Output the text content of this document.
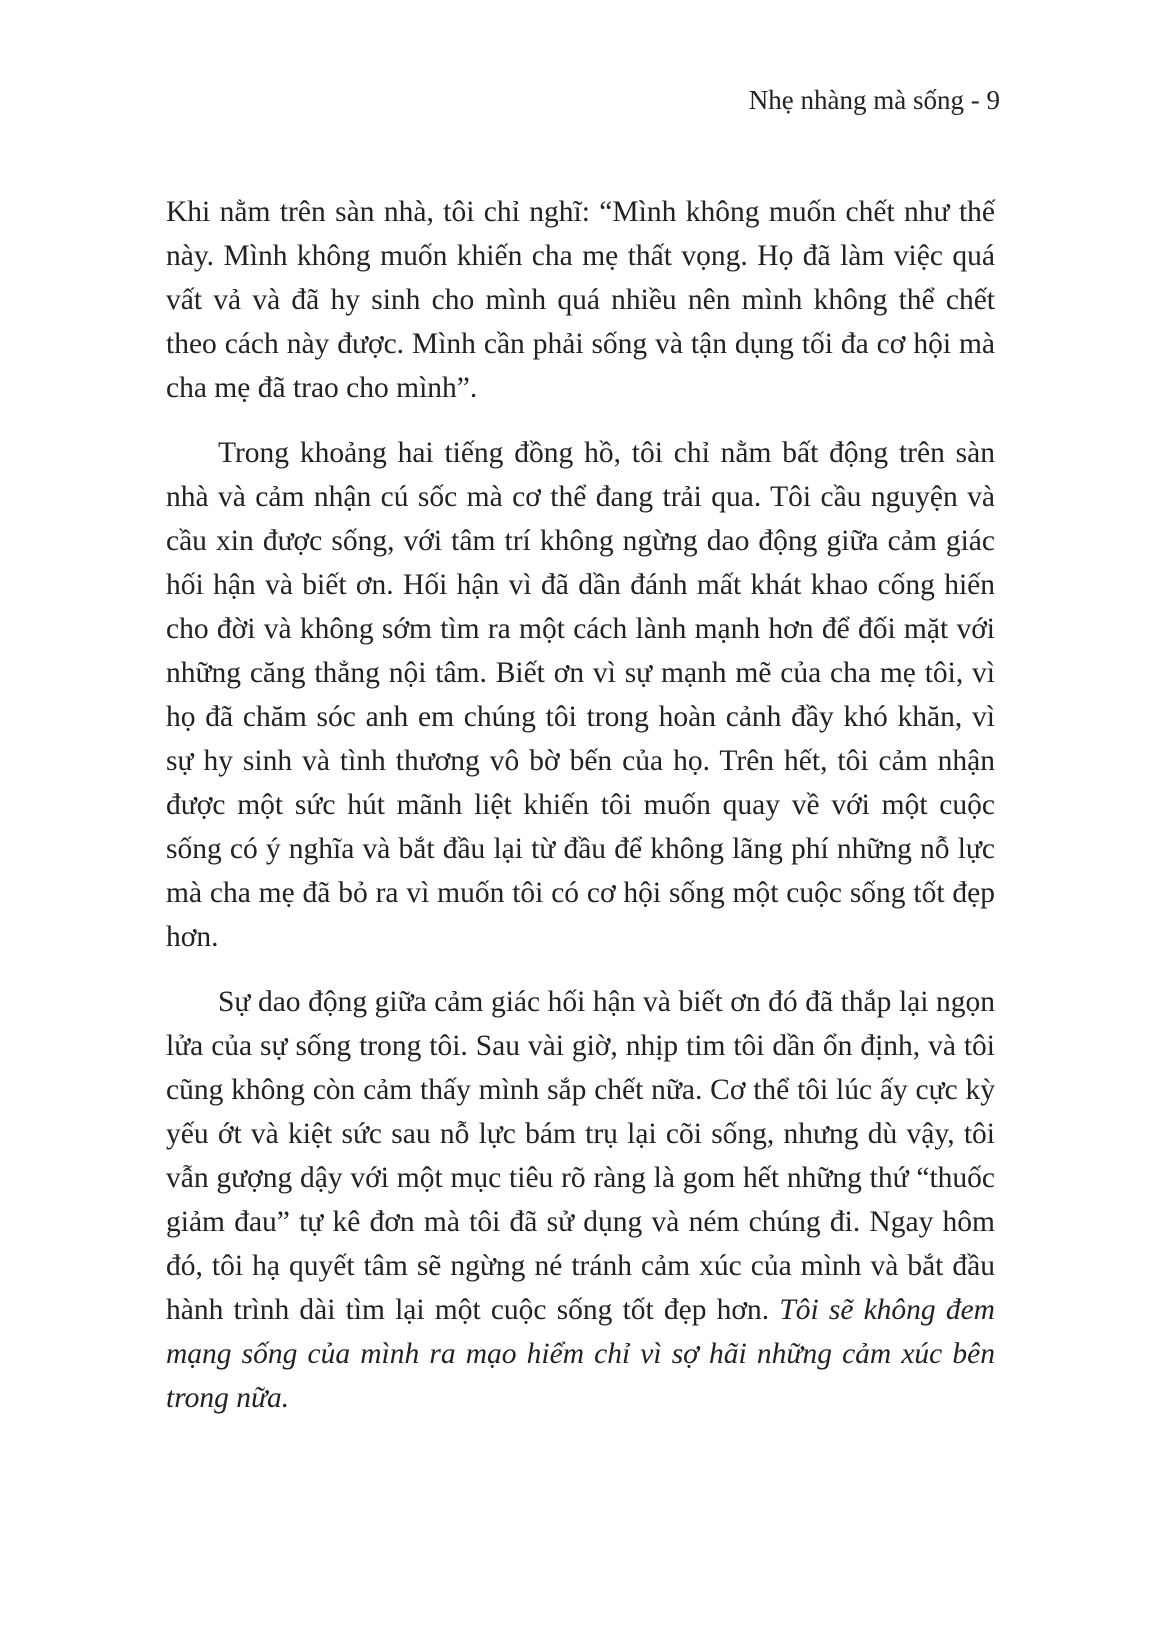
Nhẹ nhàng mà sống - 9

Khi nằm trên sàn nhà, tôi chỉ nghĩ: “Mình không muốn chết như thế này. Mình không muốn khiến cha mẹ thất vọng. Họ đã làm việc quá vất vả và đã hy sinh cho mình quá nhiều nên mình không thể chết theo cách này được. Mình cần phải sống và tận dụng tối đa cơ hội mà cha mẹ đã trao cho mình”.

Trong khoảng hai tiếng đồng hồ, tôi chỉ nằm bất động trên sàn nhà và cảm nhận cú sốc mà cơ thể đang trải qua. Tôi cầu nguyện và cầu xin được sống, với tâm trí không ngừng dao động giữa cảm giác hối hận và biết ơn. Hối hận vì đã dần đánh mất khát khao cống hiến cho đời và không sớm tìm ra một cách lành mạnh hơn để đối mặt với những căng thẳng nội tâm. Biết ơn vì sự mạnh mẽ của cha mẹ tôi, vì họ đã chăm sóc anh em chúng tôi trong hoàn cảnh đầy khó khăn, vì sự hy sinh và tình thương vô bờ bến của họ. Trên hết, tôi cảm nhận được một sức hút mãnh liệt khiến tôi muốn quay về với một cuộc sống có ý nghĩa và bắt đầu lại từ đầu để không lãng phí những nỗ lực mà cha mẹ đã bỏ ra vì muốn tôi có cơ hội sống một cuộc sống tốt đẹp hơn.

Sự dao động giữa cảm giác hối hận và biết ơn đó đã thắp lại ngọn lửa của sự sống trong tôi. Sau vài giờ, nhịp tim tôi dần ổn định, và tôi cũng không còn cảm thấy mình sắp chết nữa. Cơ thể tôi lúc ấy cực kỳ yếu ớt và kiệt sức sau nỗ lực bám trụ lại cõi sống, nhưng dù vậy, tôi vẫn gượng dậy với một mục tiêu rõ ràng là gom hết những thứ “thuốc giảm đau” tự kê đơn mà tôi đã sử dụng và ném chúng đi. Ngay hôm đó, tôi hạ quyết tâm sẽ ngừng né tránh cảm xúc của mình và bắt đầu hành trình dài tìm lại một cuộc sống tốt đẹp hơn. Tôi sẽ không đem mạng sống của mình ra mạo hiểm chỉ vì sợ hãi những cảm xúc bên trong nữa.
